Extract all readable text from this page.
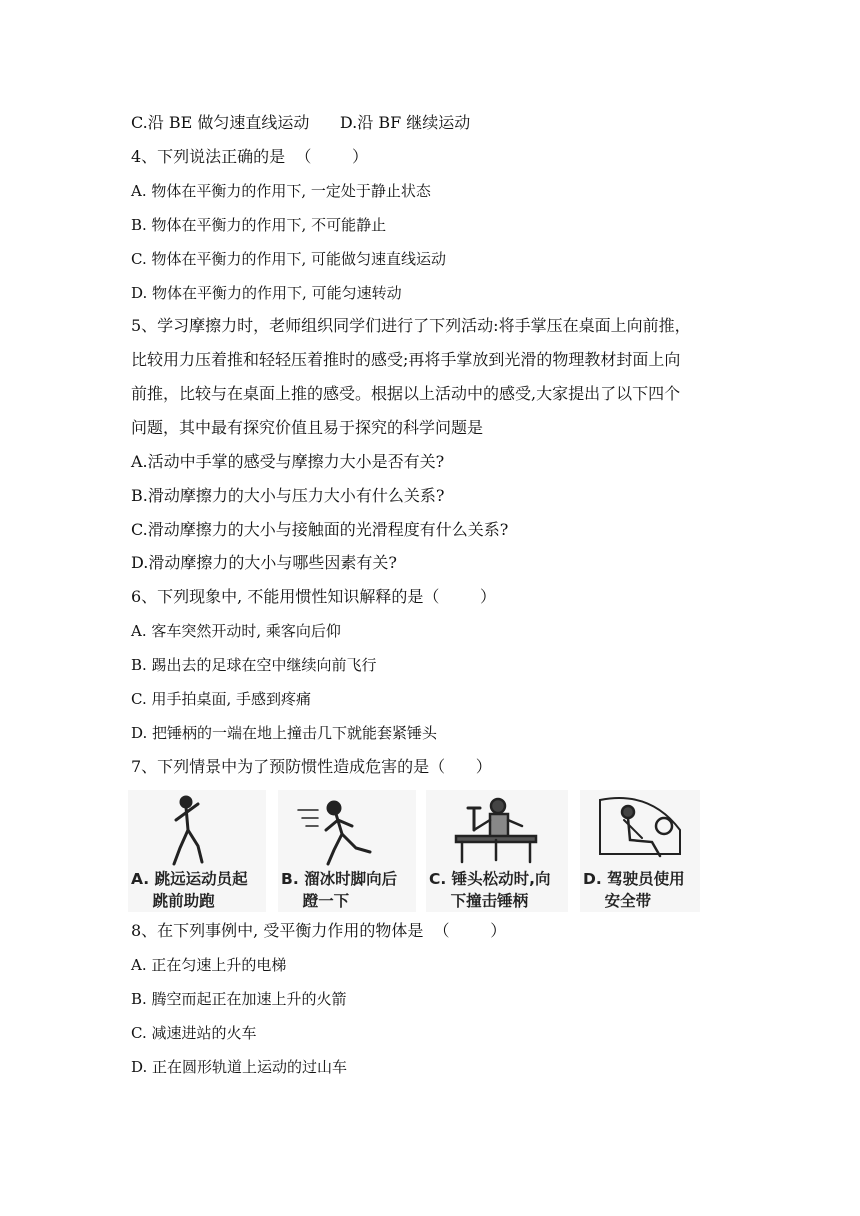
C.沿 BE 做匀速直线运动      D.沿 BF 继续运动
4、下列说法正确的是  （        ）
A. 物体在平衡力的作用下, 一定处于静止状态
B. 物体在平衡力的作用下, 不可能静止
C. 物体在平衡力的作用下, 可能做匀速直线运动
D. 物体在平衡力的作用下, 可能匀速转动
5、学习摩擦力时，老师组织同学们进行了下列活动:将手掌压在桌面上向前推，
比较用力压着推和轻轻压着推时的感受;再将手掌放到光滑的物理教材封面上向
前推，比较与在桌面上推的感受。根据以上活动中的感受,大家提出了以下四个
问题，其中最有探究价值且易于探究的科学问题是
A.活动中手掌的感受与摩擦力大小是否有关?
B.滑动摩擦力的大小与压力大小有什么关系?
C.滑动摩擦力的大小与接触面的光滑程度有什么关系?
D.滑动摩擦力的大小与哪些因素有关?
6、下列现象中, 不能用惯性知识解释的是（        ）
A. 客车突然开动时, 乘客向后仰
B. 踢出去的足球在空中继续向前飞行
C. 用手拍桌面, 手感到疼痛
D. 把锤柄的一端在地上撞击几下就能套紧锤头
7、下列情景中为了预防惯性造成危害的是（      ）
A. 跳远运动员起
跳前助跑
B. 溜冰时脚向后
蹬一下
C. 锤头松动时,向
下撞击锤柄
D. 驾驶员使用
安全带
8、在下列事例中, 受平衡力作用的物体是  （        ）
A. 正在匀速上升的电梯
B. 腾空而起正在加速上升的火箭
C. 减速进站的火车
D. 正在圆形轨道上运动的过山车
